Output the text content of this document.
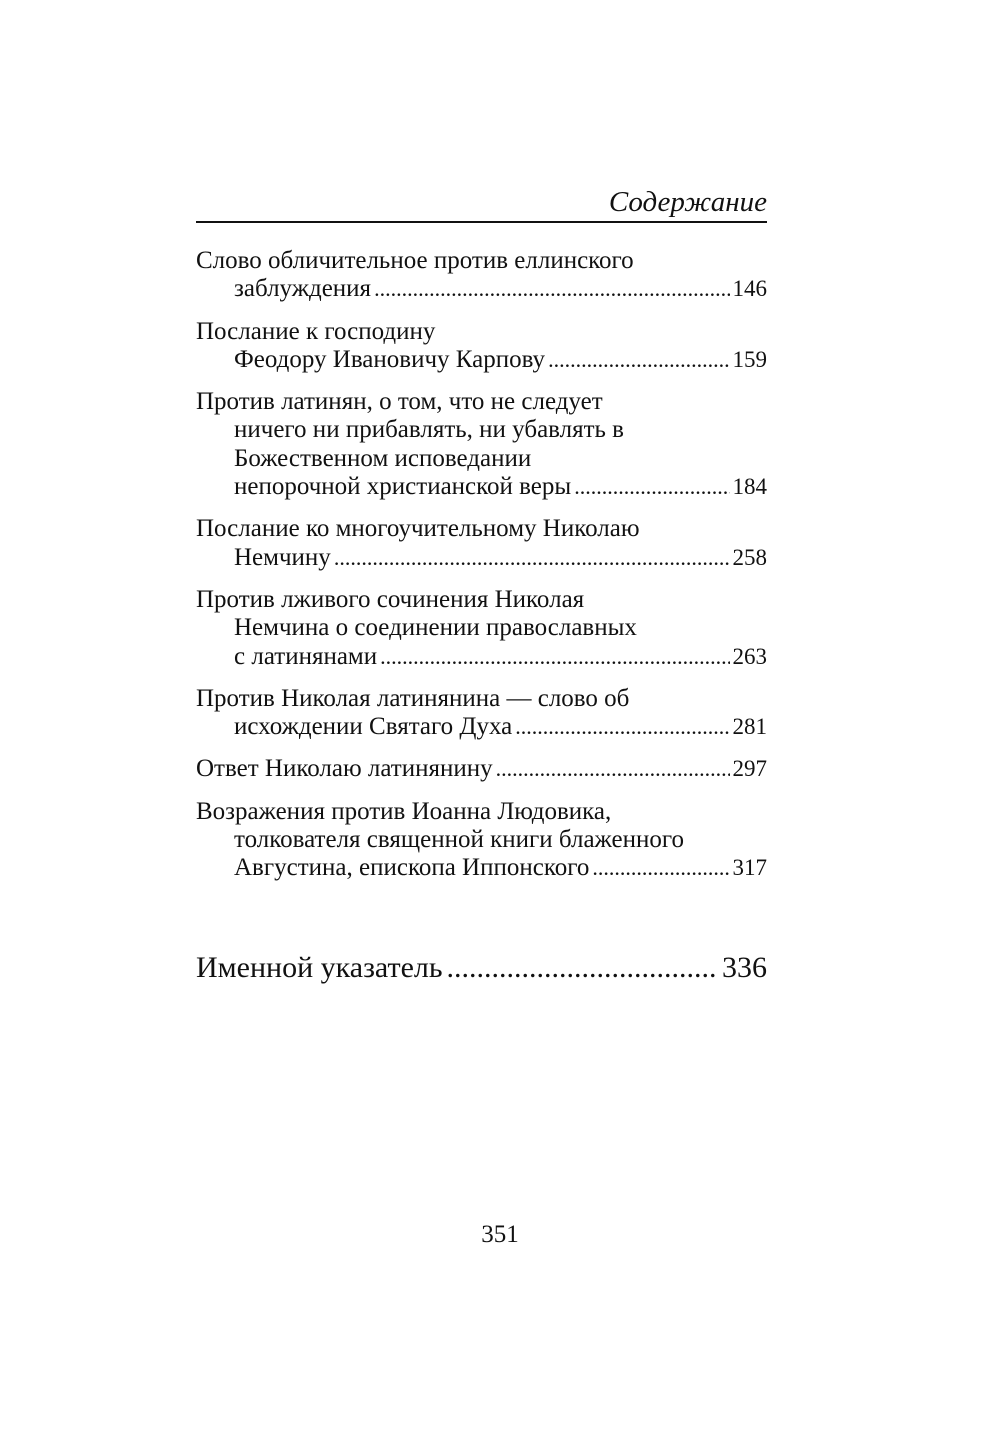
Содержание
Слово обличительное против еллинского
заблуждения .....	146
Послание к господину
Феодору Ивановичу Карпову .....	159
Против латинян, о том, что не следует
ничего ни прибавлять, ни убавлять в
Божественном исповедании
непорочной христианской веры .....	184
Послание ко многоучительному Николаю
Немчину .....	258
Против лживого сочинения Николая
Немчина о соединении православных
с латинянами .....	263
Против Николая латинянина — слово об
исхождении Святаго Духа .....	281
Ответ Николаю латинянину .....	297
Возражения против Иоанна Людовика,
толкователя священной книги блаженного
Августина, епископа Иппонского .....	317
Именной указатель .....	336
351
